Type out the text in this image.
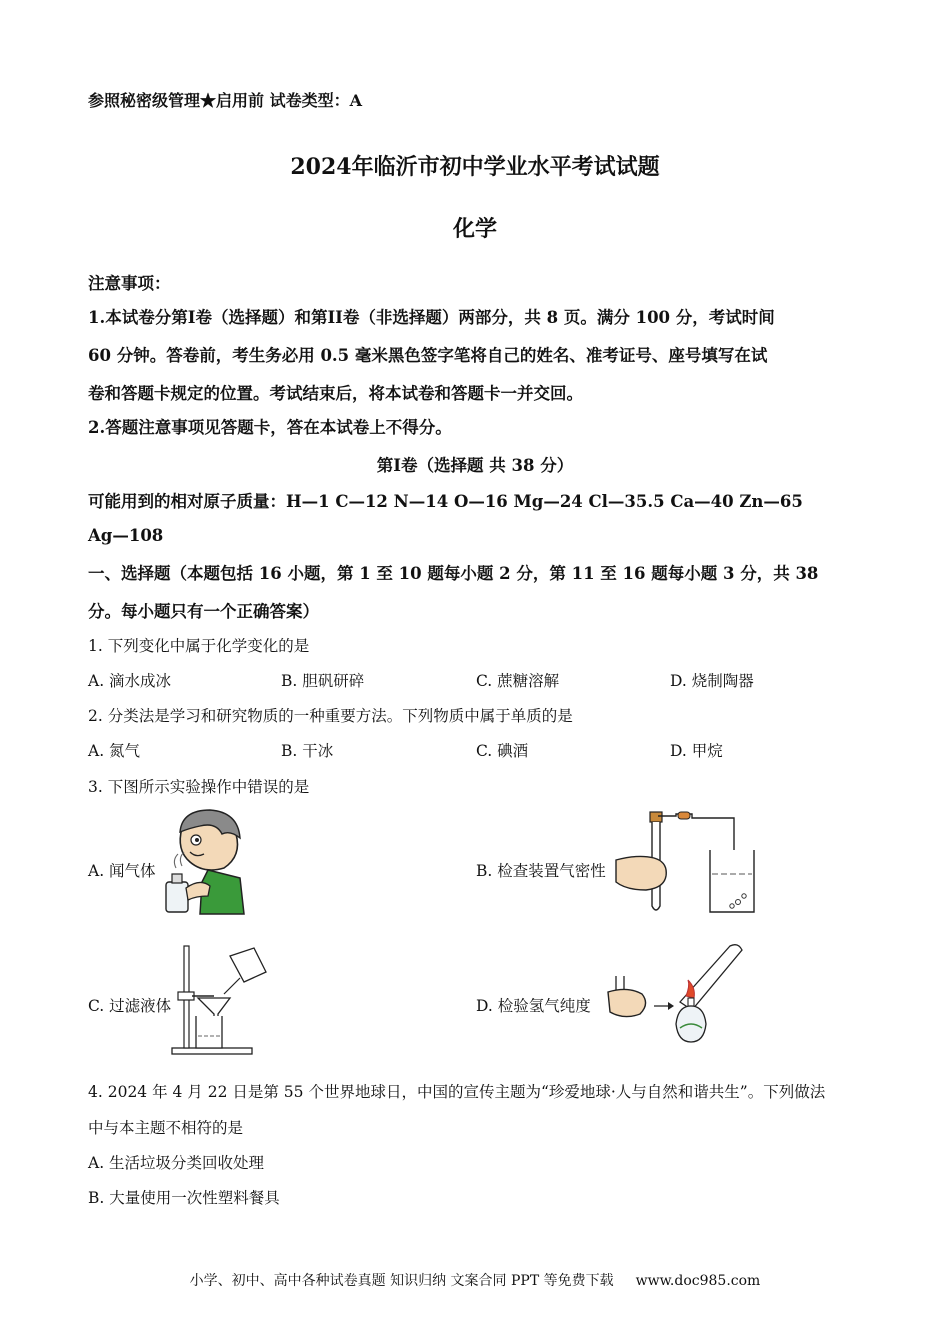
参照秘密级管理★启用前 试卷类型：A
2024年临沂市初中学业水平考试试题
化学
注意事项：
1.本试卷分第I卷（选择题）和第II卷（非选择题）两部分，共 8 页。满分 100 分，考试时间
60 分钟。答卷前，考生务必用 0.5 毫米黑色签字笔将自己的姓名、准考证号、座号填写在试
卷和答题卡规定的位置。考试结束后，将本试卷和答题卡一并交回。
2.答题注意事项见答题卡，答在本试卷上不得分。
第I卷（选择题 共 38 分）
可能用到的相对原子质量：H—1 C—12 N—14 O—16 Mg—24 Cl—35.5 Ca—40 Zn—65
Ag—108
一、选择题（本题包括 16 小题，第 1 至 10 题每小题 2 分，第 11 至 16 题每小题 3 分，共 38
分。每小题只有一个正确答案）
1. 下列变化中属于化学变化的是
A. 滴水成冰	B. 胆矾研碎	C. 蔗糖溶解	D. 烧制陶器
2. 分类法是学习和研究物质的一种重要方法。下列物质中属于单质的是
A. 氮气	B. 干冰	C. 碘酒	D. 甲烷
3. 下图所示实验操作中错误的是
A. 闻气体	B. 检查装置气密性
C. 过滤液体	D. 检验氢气纯度
4. 2024 年 4 月 22 日是第 55 个世界地球日，中国的宣传主题为“珍爱地球·人与自然和谐共生”。下列做法
中与本主题不相符的是
A. 生活垃圾分类回收处理
B. 大量使用一次性塑料餐具
小学、初中、高中各种试卷真题 知识归纳 文案合同 PPT 等免费下载 www.doc985.com
